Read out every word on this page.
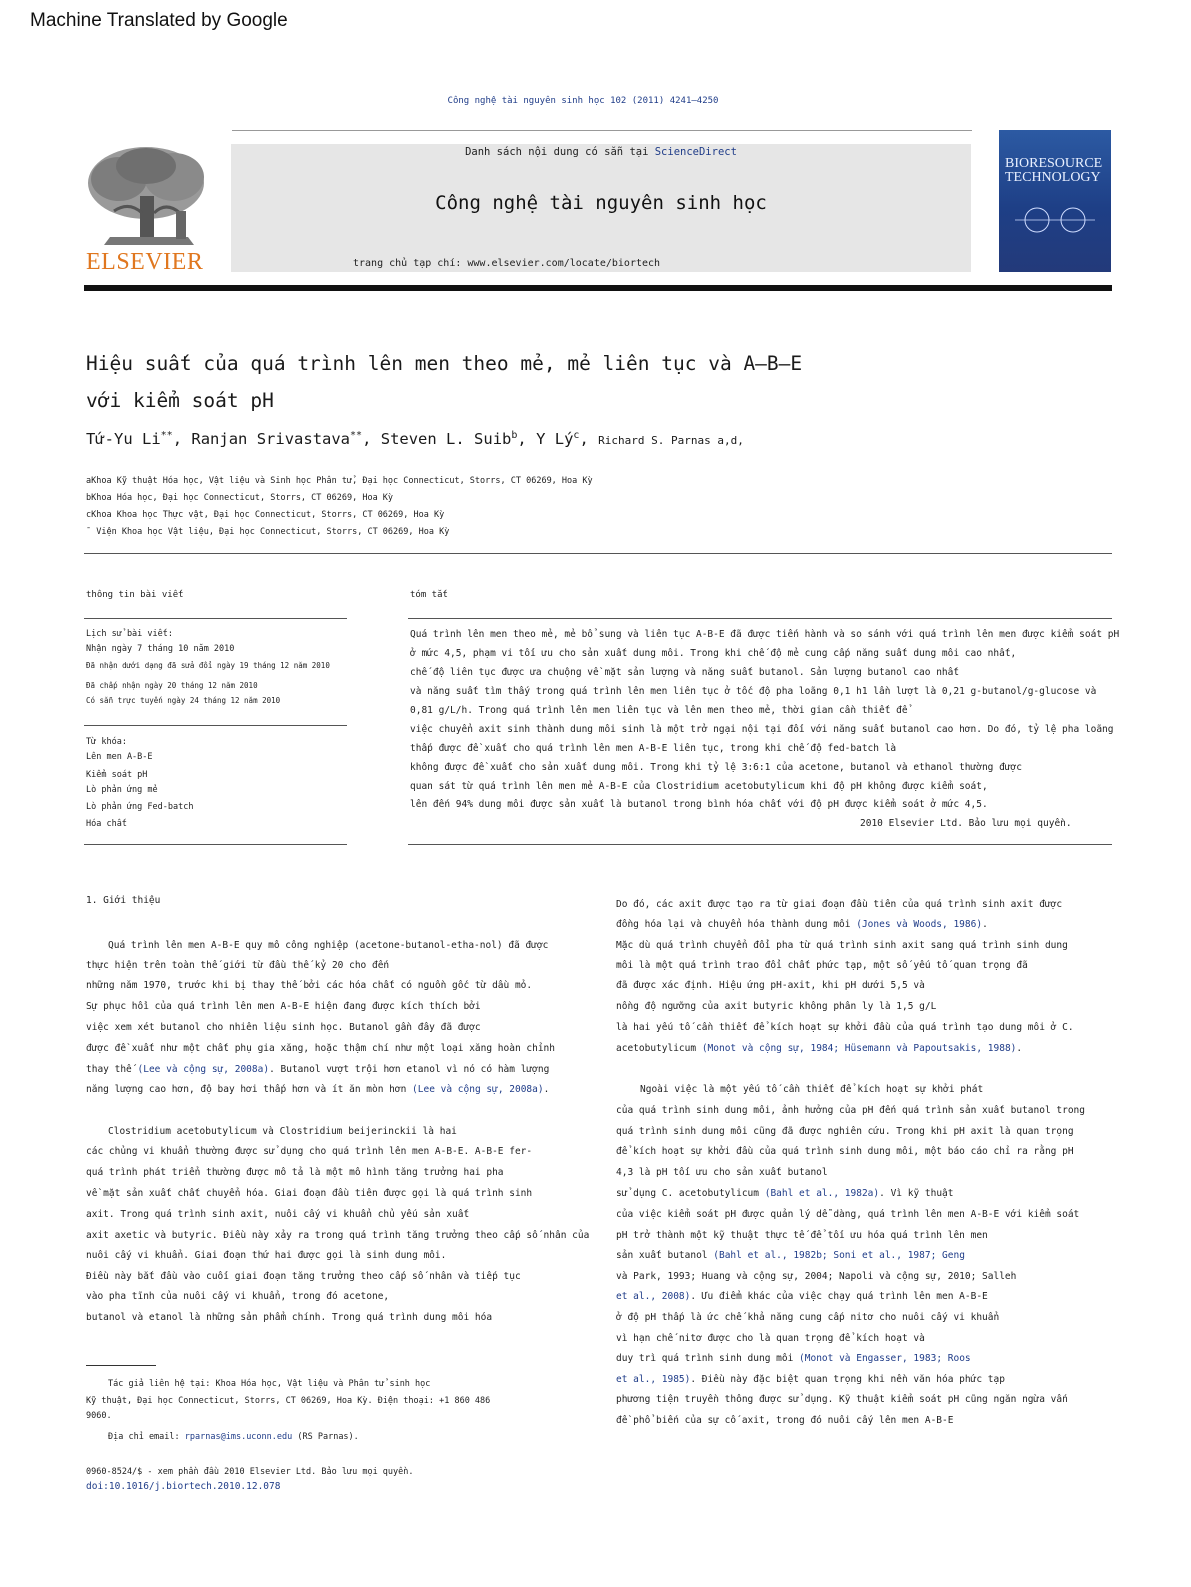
Machine Translated by Google
Công nghệ tài nguyên sinh học 102 (2011) 4241–4250
ELSEVIER
Danh sách nội dung có sẵn tại ScienceDirect
Công nghệ tài nguyên sinh học
trang chủ tạp chí: www.elsevier.com/locate/biortech
BIORESOURCE
TECHNOLOGY
Hiệu suất của quá trình lên men theo mẻ, mẻ liên tục và A–B–E
với kiểm soát pH
Tứ-Yu Li**, Ranjan Srivastava**, Steven L. Suib$^b$, Y $Lý^c$, Richard S. Parnas a,d,
aKhoa Kỹ thuật Hóa học, Vật liệu và Sinh học Phân tử, Đại học Connecticut, Storrs, CT 06269, Hoa Kỳ
bKhoa Hóa học, Đại học Connecticut, Storrs, CT 06269, Hoa Kỳ
cKhoa Khoa học Thực vật, Đại học Connecticut, Storrs, CT 06269, Hoa Kỳ
¯ Viện Khoa học Vật liệu, Đại học Connecticut, Storrs, CT 06269, Hoa Kỳ
thông tin bài viết
Lịch sử bài viết:
Nhận ngày 7 tháng 10 năm 2010
Đã nhận dưới dạng đã sửa đổi ngày 19 tháng 12 năm 2010
Đã chấp nhận ngày 20 tháng 12 năm 2010
Có sẵn trực tuyến ngày 24 tháng 12 năm 2010
Từ khóa:
Lên men A-B-E
Kiểm soát pH
Lò phản ứng mẻ
Lò phản ứng Fed-batch
Hóa chất
tóm tắt
Quá trình lên men theo mẻ, mẻ bổ sung và liên tục A-B-E đã được tiến hành và so sánh với quá trình lên men được kiểm soát pH
ở mức 4,5, phạm vi tối ưu cho sản xuất dung môi. Trong khi chế độ mẻ cung cấp năng suất dung môi cao nhất,
chế độ liên tục được ưa chuộng về mặt sản lượng và năng suất butanol. Sản lượng butanol cao nhất
và năng suất tìm thấy trong quá trình lên men liên tục ở tốc độ pha loãng 0,1 h1 lần lượt là 0,21 g-butanol/g-glucose và
0,81 g/L/h. Trong quá trình lên men liên tục và lên men theo mẻ, thời gian cần thiết để
việc chuyển axit sinh thành dung môi sinh là một trở ngại nội tại đối với năng suất butanol cao hơn. Do đó, tỷ lệ pha loãng
thấp được đề xuất cho quá trình lên men A-B-E liên tục, trong khi chế độ fed-batch là
không được đề xuất cho sản xuất dung môi. Trong khi tỷ lệ 3:6:1 của acetone, butanol và ethanol thường được
quan sát từ quá trình lên men mẻ A-B-E của Clostridium acetobutylicum khi độ pH không được kiểm soát,
lên đến 94% dung môi được sản xuất là butanol trong bình hóa chất với độ pH được kiểm soát ở mức 4,5.
2010 Elsevier Ltd. Bảo lưu mọi quyền.
1. Giới thiệu
Quá trình lên men A-B-E quy mô công nghiệp (acetone-butanol-etha-nol) đã được
thực hiện trên toàn thế giới từ đầu thế kỷ 20 cho đến
những năm 1970, trước khi bị thay thế bởi các hóa chất có nguồn gốc từ dầu mỏ.
Sự phục hồi của quá trình lên men A-B-E hiện đang được kích thích bởi
việc xem xét butanol cho nhiên liệu sinh học. Butanol gần đây đã được
được đề xuất như một chất phụ gia xăng, hoặc thậm chí như một loại xăng hoàn chỉnh
thay thế (Lee và cộng sự, 2008a). Butanol vượt trội hơn etanol vì nó có hàm lượng
năng lượng cao hơn, độ bay hơi thấp hơn và ít ăn mòn hơn (Lee và cộng sự, 2008a).
Clostridium acetobutylicum và Clostridium beijerinckii là hai
các chủng vi khuẩn thường được sử dụng cho quá trình lên men A-B-E. A-B-E fer-
quá trình phát triển thường được mô tả là một mô hình tăng trưởng hai pha
về mặt sản xuất chất chuyển hóa. Giai đoạn đầu tiên được gọi là quá trình sinh
axit. Trong quá trình sinh axit, nuôi cấy vi khuẩn chủ yếu sản xuất
axit axetic và butyric. Điều này xảy ra trong quá trình tăng trưởng theo cấp số nhân của
nuôi cấy vi khuẩn. Giai đoạn thứ hai được gọi là sinh dung môi.
Điều này bắt đầu vào cuối giai đoạn tăng trưởng theo cấp số nhân và tiếp tục
vào pha tĩnh của nuôi cấy vi khuẩn, trong đó acetone,
butanol và etanol là những sản phẩm chính. Trong quá trình dung môi hóa
Tác giả liên hệ tại: Khoa Hóa học, Vật liệu và Phân tử sinh học
Kỹ thuật, Đại học Connecticut, Storrs, CT 06269, Hoa Kỳ. Điện thoại: +1 860 486
9060.
Địa chỉ email: rparnas@ims.uconn.edu (RS Parnas).
0960-8524/$ - xem phần đầu 2010 Elsevier Ltd. Bảo lưu mọi quyền.
doi:10.1016/j.biortech.2010.12.078
Do đó, các axit được tạo ra từ giai đoạn đầu tiên của quá trình sinh axit được
đồng hóa lại và chuyển hóa thành dung môi (Jones và Woods, 1986).
Mặc dù quá trình chuyển đổi pha từ quá trình sinh axit sang quá trình sinh dung
môi là một quá trình trao đổi chất phức tạp, một số yếu tố quan trọng đã
đã được xác định. Hiệu ứng pH-axit, khi pH dưới 5,5 và
nồng độ ngưỡng của axit butyric không phân ly là 1,5 g/L
là hai yếu tố cần thiết để kích hoạt sự khởi đầu của quá trình tạo dung môi ở C.
acetobutylicum (Monot và cộng sự, 1984; Hüsemann và Papoutsakis, 1988).
Ngoài việc là một yếu tố cần thiết để kích hoạt sự khởi phát
của quá trình sinh dung môi, ảnh hưởng của pH đến quá trình sản xuất butanol trong
quá trình sinh dung môi cũng đã được nghiên cứu. Trong khi pH axit là quan trọng
để kích hoạt sự khởi đầu của quá trình sinh dung môi, một báo cáo chỉ ra rằng pH
4,3 là pH tối ưu cho sản xuất butanol
sử dụng C. acetobutylicum (Bahl et al., 1982a). Vì kỹ thuật
của việc kiểm soát pH được quản lý dễ dàng, quá trình lên men A-B-E với kiểm soát
pH trở thành một kỹ thuật thực tế để tối ưu hóa quá trình lên men
sản xuất butanol (Bahl et al., 1982b; Soni et al., 1987; Geng
và Park, 1993; Huang và cộng sự, 2004; Napoli và cộng sự, 2010; Salleh
et al., 2008). Ưu điểm khác của việc chạy quá trình lên men A-B-E
ở độ pH thấp là ức chế khả năng cung cấp nitơ cho nuôi cấy vi khuẩn
vì hạn chế nitơ được cho là quan trọng để kích hoạt và
duy trì quá trình sinh dung môi (Monot và Engasser, 1983; Roos
et al., 1985). Điều này đặc biệt quan trọng khi nền văn hóa phức tạp
phương tiện truyền thông được sử dụng. Kỹ thuật kiểm soát pH cũng ngăn ngừa vấn
đề phổ biến của sự cố axit, trong đó nuôi cấy lên men A-B-E
